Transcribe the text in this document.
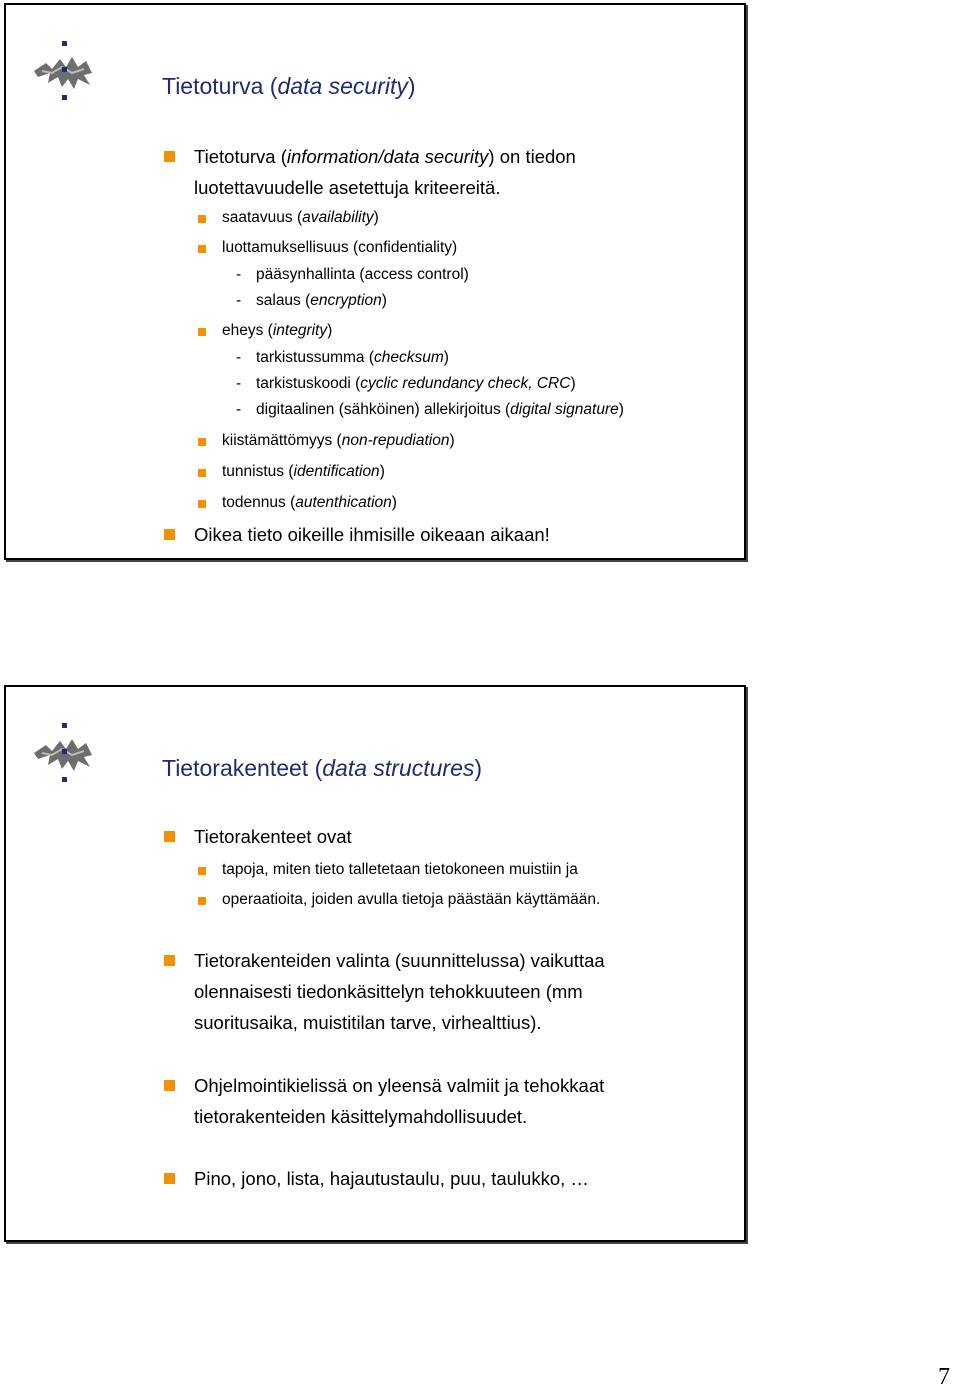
Tietoturva (data security)
Tietoturva (information/data security) on tiedon
luotettavuudelle asetettuja kriteereitä.
saatavuus (availability)
luottamuksellisuus (confidentiality)
- pääsynhallinta (access control)
- salaus (encryption)
eheys (integrity)
- tarkistussumma (checksum)
- tarkistuskoodi (cyclic redundancy check, CRC)
- digitaalinen (sähköinen) allekirjoitus (digital signature)
kiistämättömyys (non-repudiation)
tunnistus (identification)
todennus (autenthication)
Oikea tieto oikeille ihmisille oikeaan aikaan!
Tietorakenteet (data structures)
Tietorakenteet ovat
tapoja, miten tieto talletetaan tietokoneen muistiin ja
operaatioita, joiden avulla tietoja päästään käyttämään.
Tietorakenteiden valinta (suunnittelussa) vaikuttaa
olennaisesti tiedonkäsittelyn tehokkuuteen (mm
suoritusaika, muistitilan tarve, virhealttius).
Ohjelmointikielissä on yleensä valmiit ja tehokkaat
tietorakenteiden käsittelymahdollisuudet.
Pino, jono, lista, hajautustaulu, puu, taulukko, …
7
